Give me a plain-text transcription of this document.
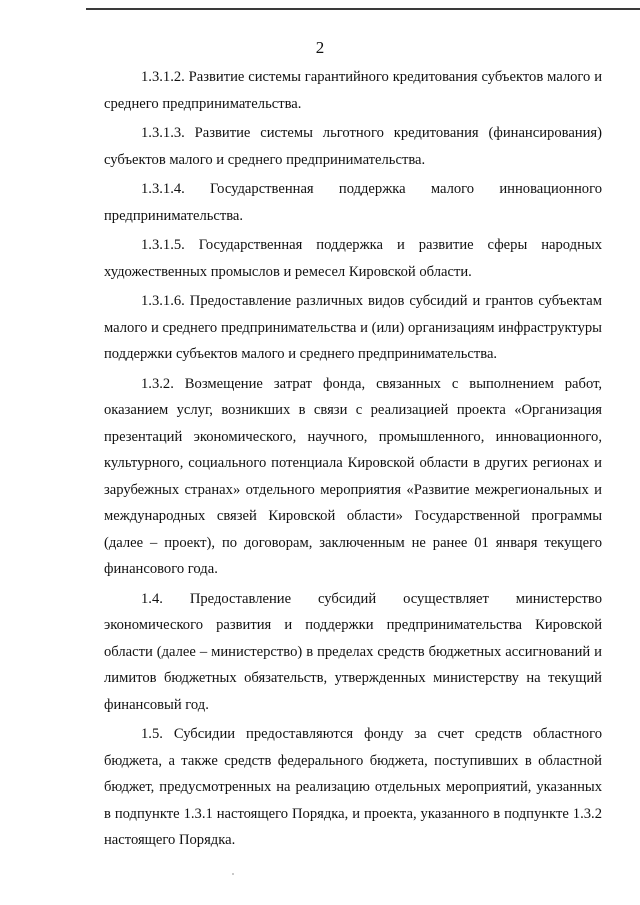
2

1.3.1.2. Развитие системы гарантийного кредитования субъектов малого и среднего предпринимательства.

1.3.1.3. Развитие системы льготного кредитования (финансирования) субъектов малого и среднего предпринимательства.

1.3.1.4. Государственная поддержка малого инновационного предпринимательства.

1.3.1.5. Государственная поддержка и развитие сферы народных художественных промыслов и ремесел Кировской области.

1.3.1.6. Предоставление различных видов субсидий и грантов субъектам малого и среднего предпринимательства и (или) организациям инфраструктуры поддержки субъектов малого и среднего предпринимательства.

1.3.2. Возмещение затрат фонда, связанных с выполнением работ, оказанием услуг, возникших в связи с реализацией проекта «Организация презентаций экономического, научного, промышленного, инновационного, культурного, социального потенциала Кировской области в других регионах и зарубежных странах» отдельного мероприятия «Развитие межрегиональных и международных связей Кировской области» Государственной программы (далее – проект), по договорам, заключенным не ранее 01 января текущего финансового года.

1.4. Предоставление субсидий осуществляет министерство экономического развития и поддержки предпринимательства Кировской области (далее – министерство) в пределах средств бюджетных ассигнований и лимитов бюджетных обязательств, утвержденных министерству на текущий финансовый год.

1.5. Субсидии предоставляются фонду за счет средств областного бюджета, а также средств федерального бюджета, поступивших в областной бюджет, предусмотренных на реализацию отдельных мероприятий, указанных в подпункте 1.3.1 настоящего Порядка, и проекта, указанного в подпункте 1.3.2 настоящего Порядка.
